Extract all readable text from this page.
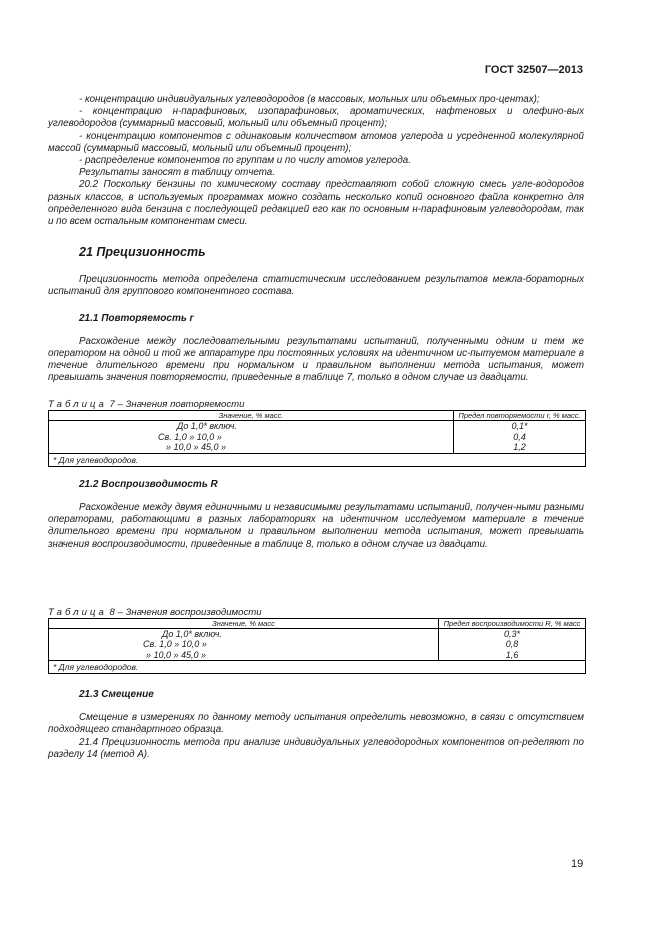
ГОСТ 32507—2013

- концентрацию индивидуальных углеводородов (в массовых, мольных или объемных про-центах);

- концентрацию н-парафиновых, изопарафиновых, ароматических, нафтеновых и олефино-вых углеводородов (суммарный массовый, мольный или объемный процент);

- концентрацию компонентов с одинаковым количеством атомов углерода и усредненной молекулярной массой (суммарный массовый, мольный или объемный процент);

- распределение компонентов по группам и по числу атомов углерода.

Результаты заносят в таблицу отчета.

20.2 Поскольку бензины по химическому составу представляют собой сложную смесь угле-водородов разных классов, в используемых программах можно создать несколько копий основного файла конкретно для определенного вида бензина с последующей редакцией его как по основным н-парафиновым углеводородам, так и по всем остальным компонентам смеси.

21 Прецизионность

Прецизионность метода определена статистическим исследованием результатов межла-бораторных испытаний для группового компонентного состава.

21.1 Повторяемость r

Расхождение между последовательными результатами испытаний, полученными одним и тем же оператором на одной и той же аппаратуре при постоянных условиях на идентичном ис-пытуемом материале в течение длительного времени при нормальном и правильном выполнении метода испытания, может превышать значения повторяемости, приведенные в таблице 7, только в одном случае из двадцати.

Таблица 7 – Значения повторяемости

Значение, % масс.	Предел повторяемости r, % масс.
До 1,0* включ.	0,1*
Св. 1,0 » 10,0 »	0,4
» 10,0 » 45,0 »	1,2
* Для углеводородов.	
21.2 Воспроизводимость R

Расхождение между двумя единичными и независимыми результатами испытаний, получен-ными разными операторами, работающими в разных лабораториях на идентичном исследуемом материале в течение длительного времени при нормальном и правильном выполнении метода испытания, может превышать значения воспроизводимости, приведенные в таблице 8, только в одном случае из двадцати.

Таблица 8 – Значения воспроизводимости

Значение, % масс	Предел воспроизводимости R, % масс
До 1,0* включ.	0,3*
Св. 1,0 » 10,0 »	0,8
» 10,0 » 45,0 »	1,6
* Для углеводородов.	
21.3 Смещение

Смещение в измерениях по данному методу испытания определить невозможно, в связи с отсутствием подходящего стандартного образца.

21.4 Прецизионность метода при анализе индивидуальных углеводородных компонентов оп-ределяют по разделу 14 (метод А).

19
